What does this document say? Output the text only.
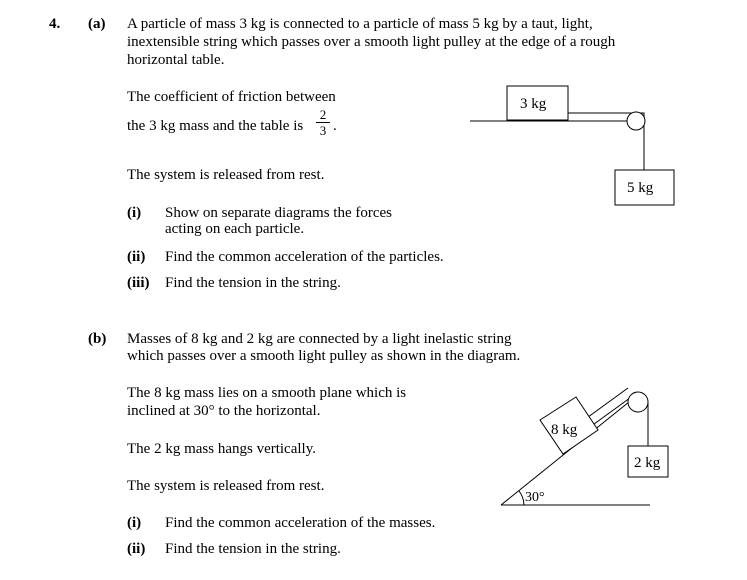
4. (a) A particle of mass 3 kg is connected to a particle of mass 5 kg by a taut, light,
inextensible string which passes over a smooth light pulley at the edge of a rough
horizontal table.
The coefficient of friction between
the 3 kg mass and the table is
2
3 .
The system is released from rest.
(i) Show on separate diagrams the forces
acting on each particle.
(ii) Find the common acceleration of the particles.
(iii) Find the tension in the string.
(b) Masses of 8 kg and 2 kg are connected by a light inelastic string
which passes over a smooth light pulley as shown in the diagram.
The 8 kg mass lies on a smooth plane which is
inclined at 30° to the horizontal.
The 2 kg mass hangs vertically.
The system is released from rest.
(i) Find the common acceleration of the masses.
(ii) Find the tension in the string.
3 kg
5 kg
8 kg
2 kg
30°
